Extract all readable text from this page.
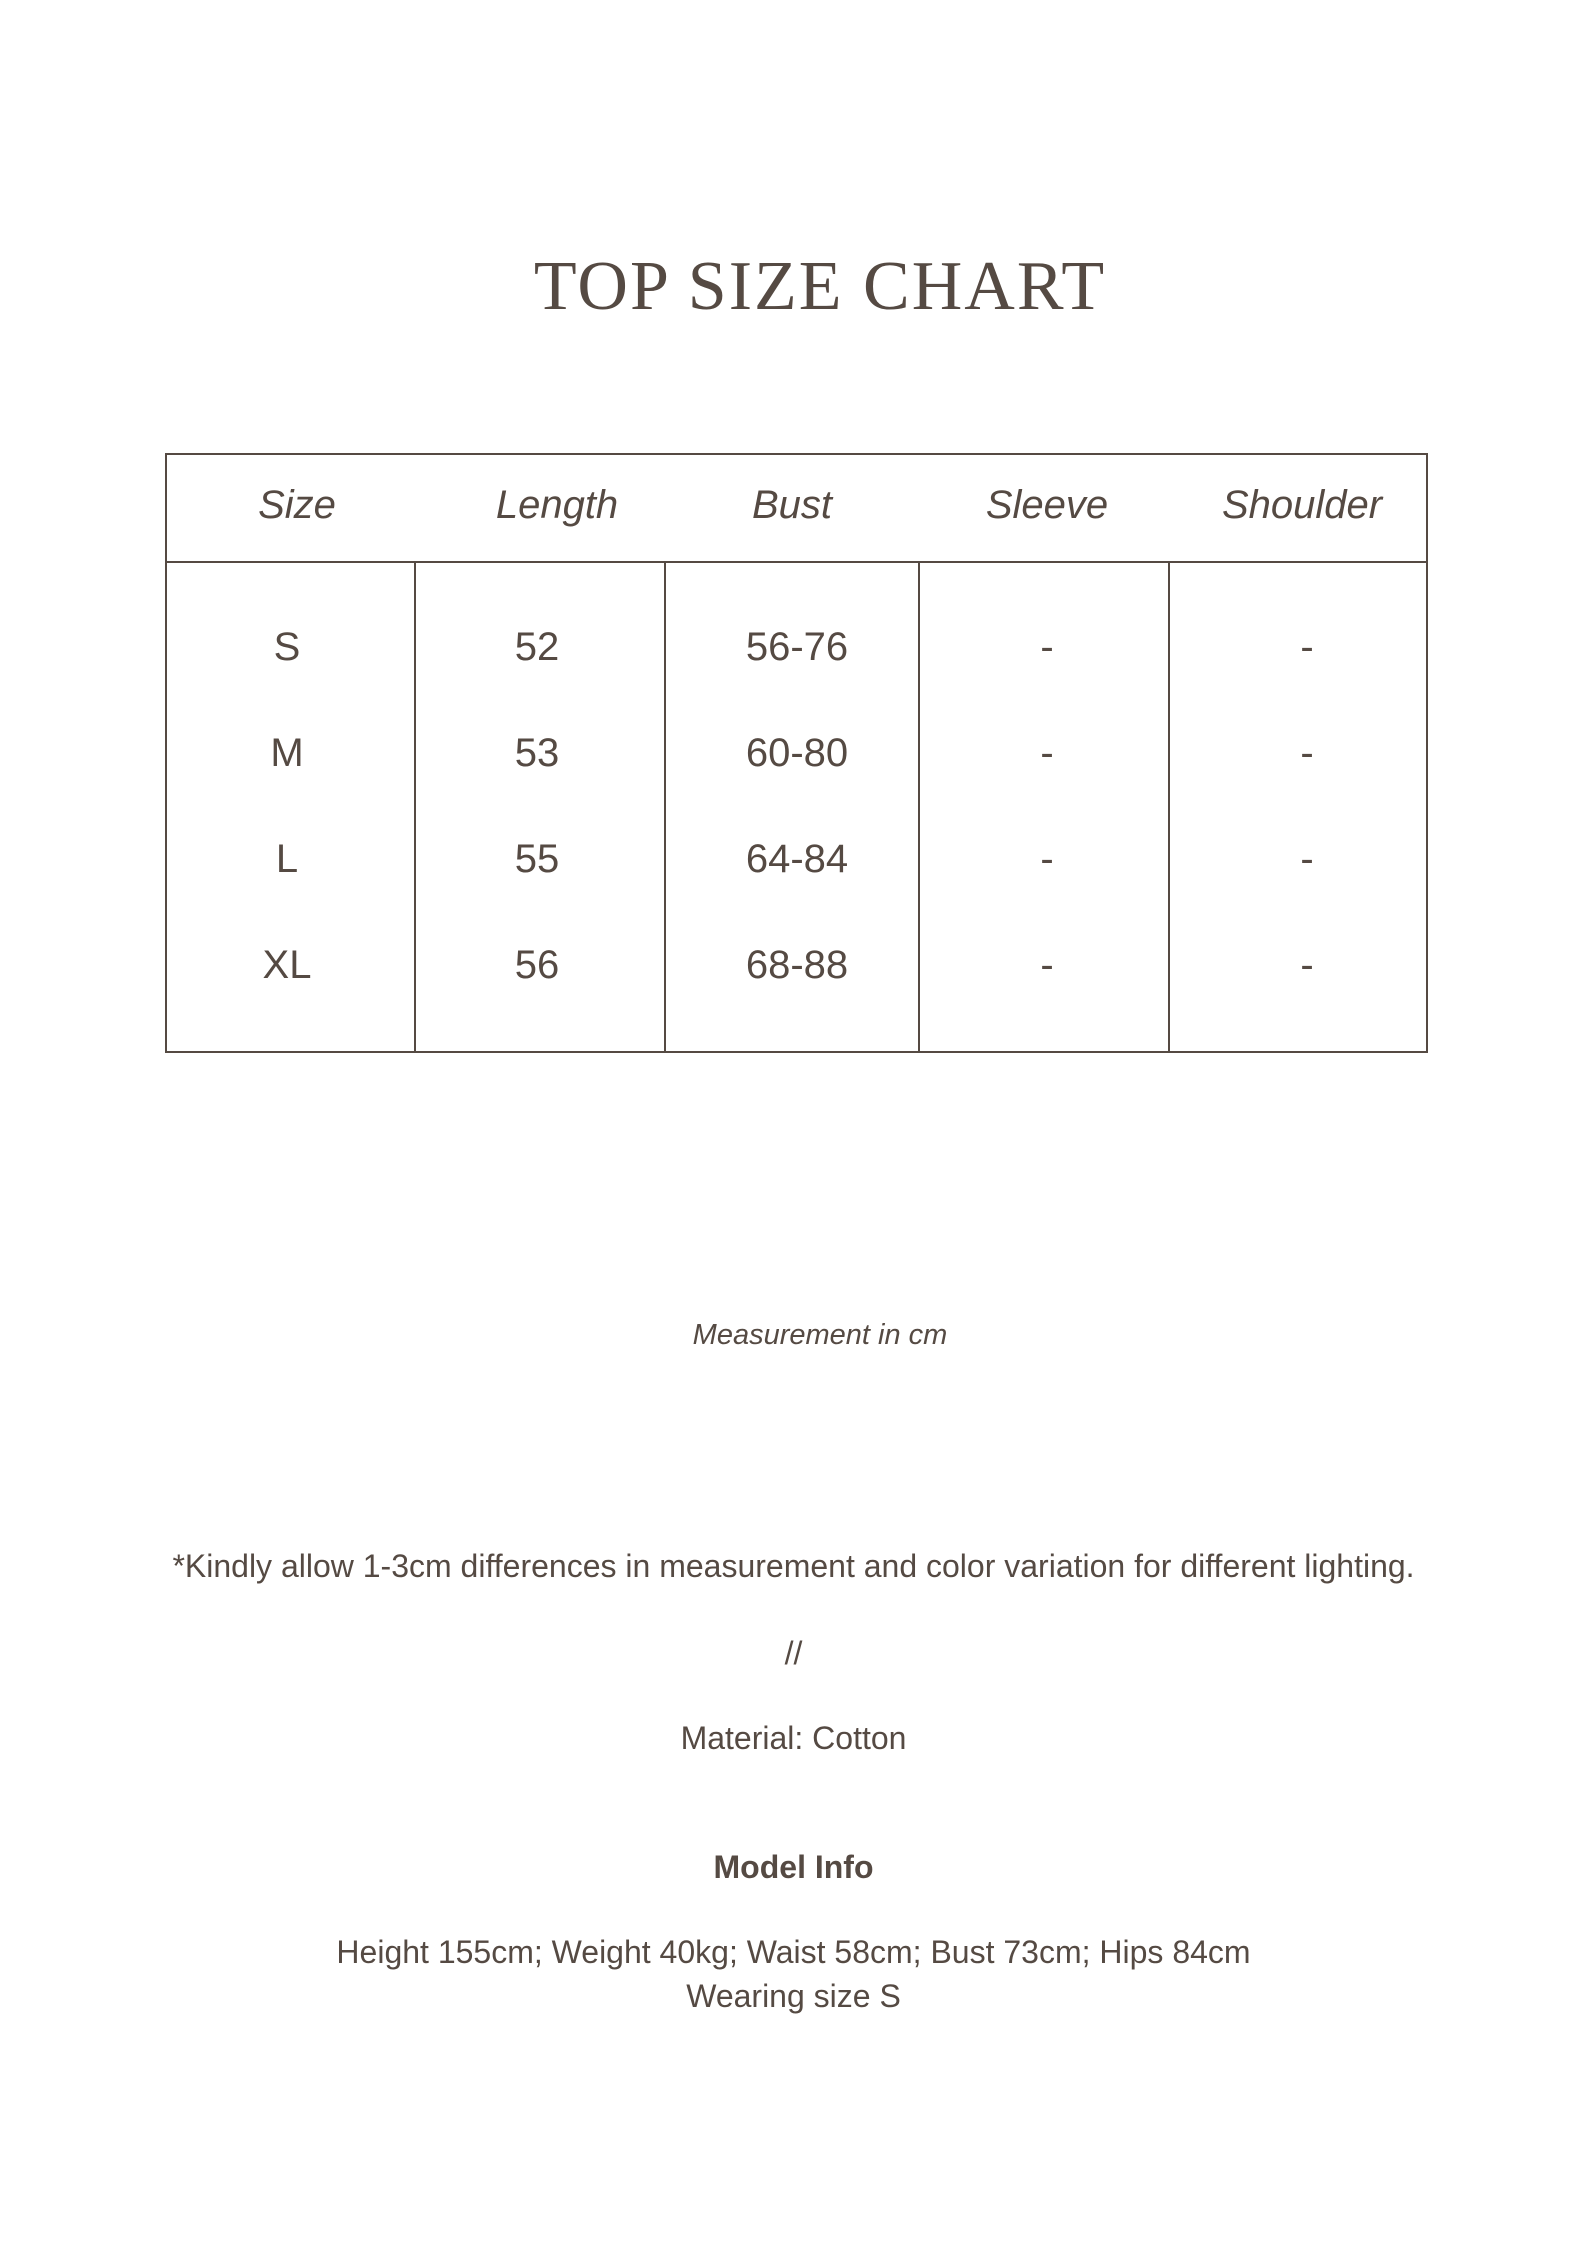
TOP SIZE CHART
Size	Length	Bust	Sleeve	Shoulder
S	52	56-76	-	-
M	53	60-80	-	-
L	55	64-84	-	-
XL	56	68-88	-	-
Measurement in cm
*Kindly allow 1-3cm differences in measurement and color variation for different lighting.
//
Material: Cotton
Model Info
Height 155cm; Weight 40kg; Waist 58cm; Bust 73cm; Hips 84cm
Wearing size S
